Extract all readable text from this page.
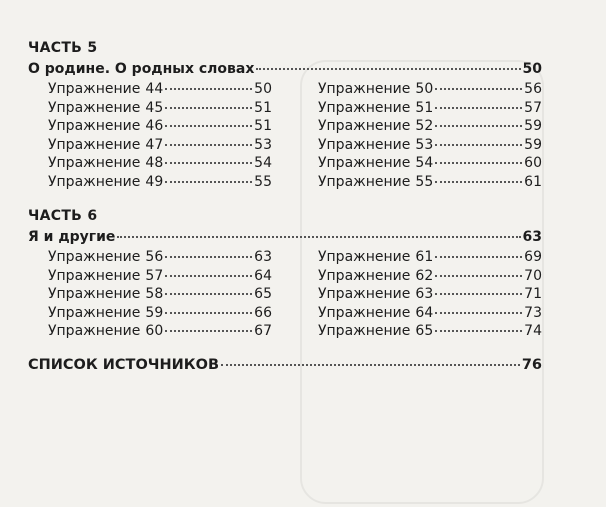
ЧАСТЬ 5
О родине. О родных словах	50
Упражнение 44	50
Упражнение 45	51
Упражнение 46	51
Упражнение 47	53
Упражнение 48	54
Упражнение 49	55
Упражнение 50	56
Упражнение 51	57
Упражнение 52	59
Упражнение 53	59
Упражнение 54	60
Упражнение 55	61
ЧАСТЬ 6
Я и другие	63
Упражнение 56	63
Упражнение 57	64
Упражнение 58	65
Упражнение 59	66
Упражнение 60	67
Упражнение 61	69
Упражнение 62	70
Упражнение 63	71
Упражнение 64	73
Упражнение 65	74
СПИСОК ИСТОЧНИКОВ	76
